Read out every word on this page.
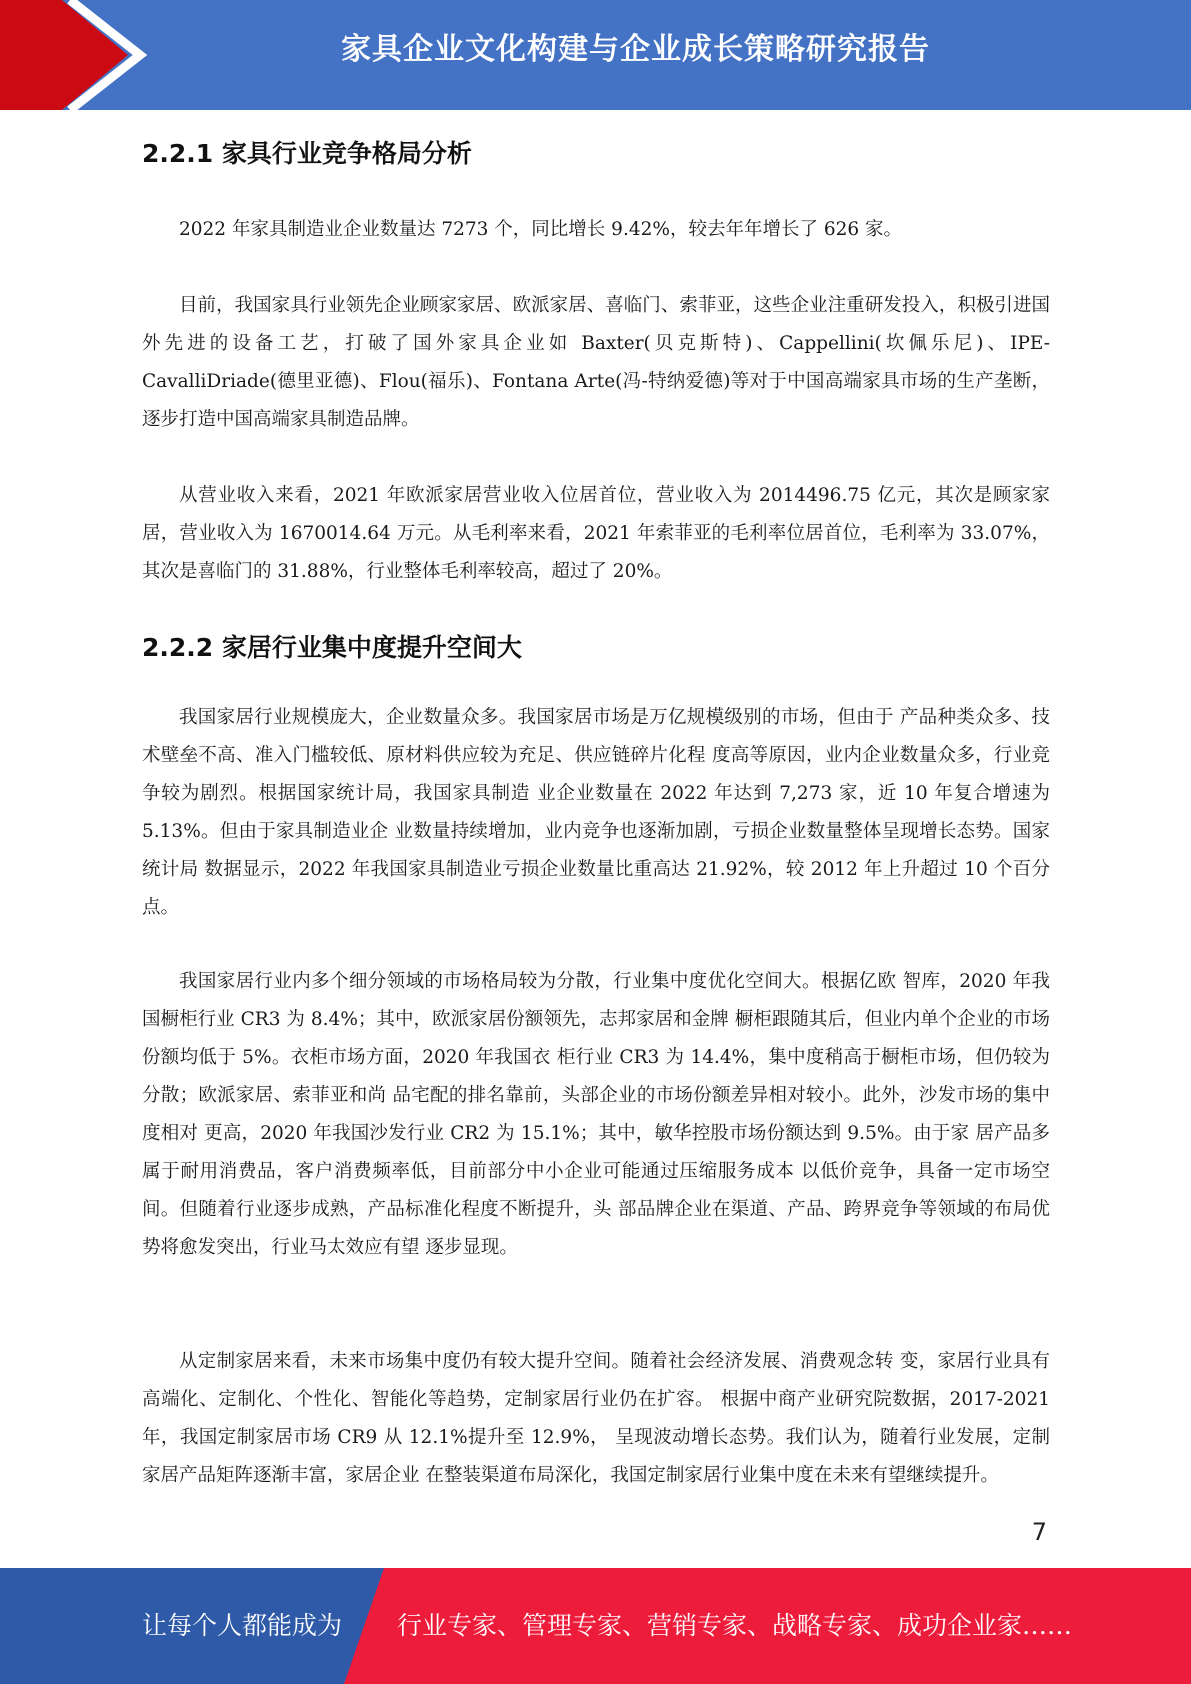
家具企业文化构建与企业成长策略研究报告
2.2.1 家具行业竞争格局分析

2022 年家具制造业企业数量达 7273 个，同比增长 9.42%，较去年年增长了 626 家。

目前，我国家具行业领先企业顾家家居、欧派家居、喜临门、索菲亚，这些企业注重研发投入，积极引进国外先进的设备工艺，打破了国外家具企业如 Baxter(贝克斯特)、Cappellini(坎佩乐尼)、IPE-CavalliDriade(德里亚德)、Flou(福乐)、Fontana Arte(冯-特纳爱德)等对于中国高端家具市场的生产垄断，逐步打造中国高端家具制造品牌。

从营业收入来看，2021 年欧派家居营业收入位居首位，营业收入为 2014496.75 亿元，其次是顾家家居，营业收入为 1670014.64 万元。从毛利率来看，2021 年索菲亚的毛利率位居首位，毛利率为 33.07%，其次是喜临门的 31.88%，行业整体毛利率较高，超过了 20%。

2.2.2 家居行业集中度提升空间大

我国家居行业规模庞大，企业数量众多。我国家居市场是万亿规模级别的市场，但由于 产品种类众多、技术壁垒不高、准入门槛较低、原材料供应较为充足、供应链碎片化程 度高等原因，业内企业数量众多，行业竞争较为剧烈。根据国家统计局，我国家具制造 业企业数量在 2022 年达到 7,273 家，近 10 年复合增速为 5.13%。但由于家具制造业企 业数量持续增加，业内竞争也逐渐加剧，亏损企业数量整体呈现增长态势。国家统计局 数据显示，2022 年我国家具制造业亏损企业数量比重高达 21.92%，较 2012 年上升超过 10 个百分点。

我国家居行业内多个细分领域的市场格局较为分散，行业集中度优化空间大。根据亿欧 智库，2020 年我国橱柜行业 CR3 为 8.4%；其中，欧派家居份额领先，志邦家居和金牌 橱柜跟随其后，但业内单个企业的市场份额均低于 5%。衣柜市场方面，2020 年我国衣 柜行业 CR3 为 14.4%，集中度稍高于橱柜市场，但仍较为分散；欧派家居、索菲亚和尚 品宅配的排名靠前，头部企业的市场份额差异相对较小。此外，沙发市场的集中度相对 更高，2020 年我国沙发行业 CR2 为 15.1%；其中，敏华控股市场份额达到 9.5%。由于家 居产品多属于耐用消费品，客户消费频率低，目前部分中小企业可能通过压缩服务成本 以低价竞争，具备一定市场空间。但随着行业逐步成熟，产品标准化程度不断提升，头 部品牌企业在渠道、产品、跨界竞争等领域的布局优势将愈发突出，行业马太效应有望 逐步显现。

从定制家居来看，未来市场集中度仍有较大提升空间。随着社会经济发展、消费观念转 变，家居行业具有高端化、定制化、个性化、智能化等趋势，定制家居行业仍在扩容。 根据中商产业研究院数据，2017-2021 年，我国定制家居市场 CR9 从 12.1%提升至 12.9%， 呈现波动增长态势。我们认为，随着行业发展，定制家居产品矩阵逐渐丰富，家居企业 在整装渠道布局深化，我国定制家居行业集中度在未来有望继续提升。

7
让每个人都能成为 行业专家、管理专家、营销专家、战略专家、成功企业家……
